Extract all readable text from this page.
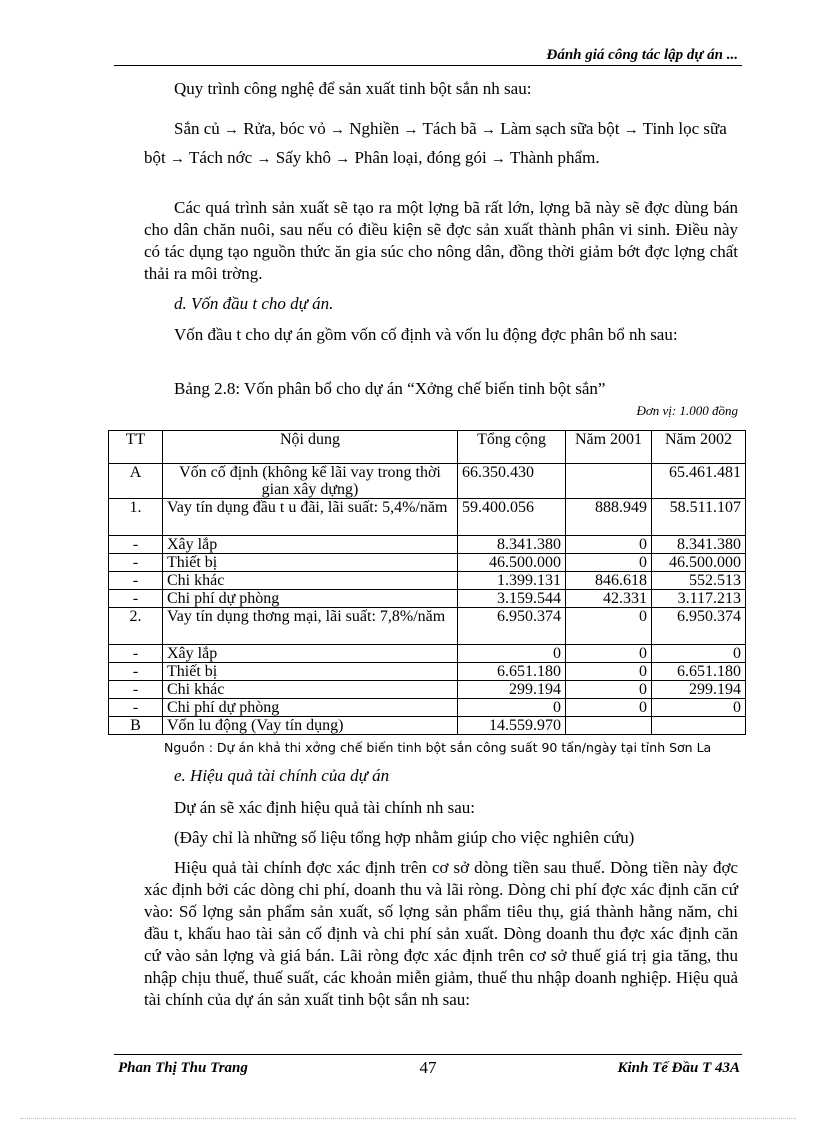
Đánh giá công tác lập dự án ...
Quy trình công nghệ để sản xuất tinh bột sắn nh sau:
Sắn củ → Rửa, bóc vỏ → Nghiền → Tách bã → Làm sạch sữa bột → Tinh lọc sữa bột → Tách nớc → Sấy khô → Phân loại, đóng gói → Thành phẩm.
Các quá trình sản xuất sẽ tạo ra một lợng bã rất lớn, lợng bã này sẽ đợc dùng bán cho dân chăn nuôi, sau nếu có điều kiện sẽ đợc sản xuất thành phân vi sinh. Điều này có tác dụng tạo nguồn thức ăn gia súc cho nông dân, đồng thời giảm bớt đợc lợng chất thải ra môi trờng.
d. Vốn đầu t cho dự án.
Vốn đầu t cho dự án gồm vốn cố định và vốn lu động đợc phân bổ nh sau:
Bảng 2.8: Vốn phân bổ cho dự án “Xởng chế biến tinh bột sắn”
Đơn vị: 1.000 đồng
TT	Nội dung	Tổng cộng	Năm 2001	Năm 2002
A	Vốn cố định (không kể lãi vay trong thời gian xây dựng)	66.350.430		65.461.481
1.	Vay tín dụng đầu t u đãi, lãi suất: 5,4%/năm	59.400.056	888.949	58.511.107
-	Xây lắp	8.341.380	0	8.341.380
-	Thiết bị	46.500.000	0	46.500.000
-	Chi khác	1.399.131	846.618	552.513
-	Chi phí dự phòng	3.159.544	42.331	3.117.213
2.	Vay tín dụng thơng mại, lãi suất: 7,8%/năm	6.950.374	0	6.950.374
-	Xây lắp	0	0	0
-	Thiết bị	6.651.180	0	6.651.180
-	Chi khác	299.194	0	299.194
-	Chi phí dự phòng	0	0	0
B	Vốn lu động (Vay tín dụng)	14.559.970		
Nguồn : Dự án khả thi xởng chế biến tinh bột sắn công suất 90 tấn/ngày tại tỉnh Sơn La
e. Hiệu quả tài chính của dự án
Dự án sẽ xác định hiệu quả tài chính nh sau:
(Đây chỉ là những số liệu tổng hợp nhằm giúp cho việc nghiên cứu)
Hiệu quả tài chính đợc xác định trên cơ sở dòng tiền sau thuế. Dòng tiền này đợc xác định bởi các dòng chi phí, doanh thu và lãi ròng. Dòng chi phí đợc xác định căn cứ vào: Số lợng sản phẩm sản xuất, số lợng sản phẩm tiêu thụ, giá thành hằng năm, chi đầu t, khấu hao tài sản cố định và chi phí sản xuất. Dòng doanh thu đợc xác định căn cứ vào sản lợng và giá bán. Lãi ròng đợc xác định trên cơ sở thuế giá trị gia tăng, thu nhập chịu thuế, thuế suất, các khoản miễn giảm, thuế thu nhập doanh nghiệp. Hiệu quả tài chính của dự án sản xuất tinh bột sắn nh sau:
Phan Thị Thu Trang	47	Kinh Tế Đầu T 43A
